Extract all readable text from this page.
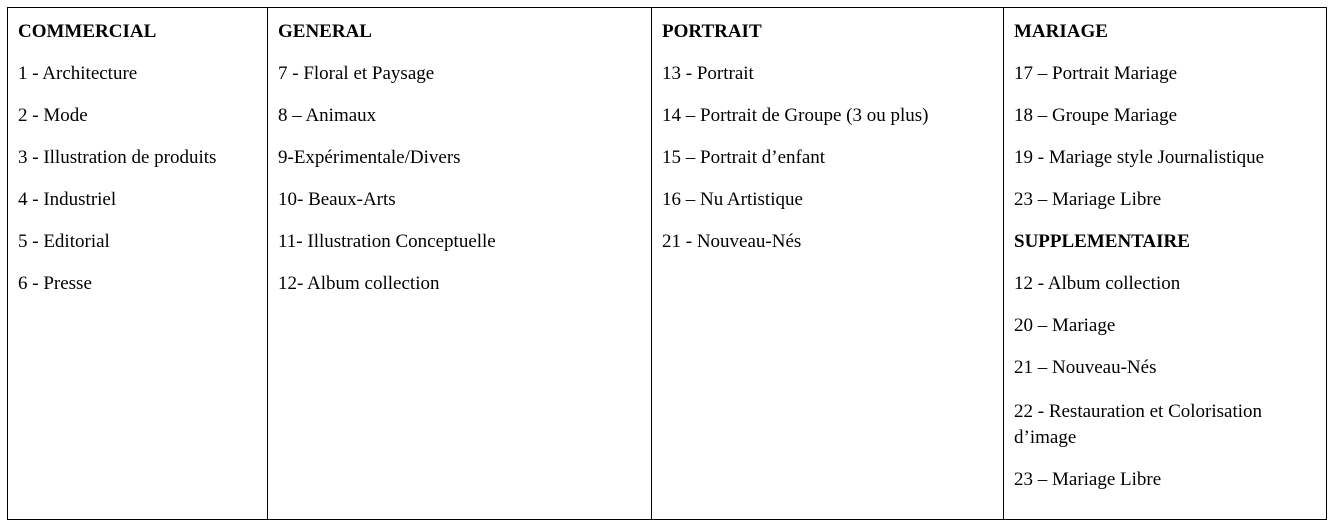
COMMERCIAL
1 - Architecture
2 - Mode
3 - Illustration de produits
4 - Industriel
5 - Editorial
6 - Presse
GENERAL
7 - Floral et Paysage
8 – Animaux
9-Expérimentale/Divers
10- Beaux-Arts
11- Illustration Conceptuelle
12- Album collection
PORTRAIT
13 - Portrait
14 – Portrait de Groupe (3 ou plus)
15 – Portrait d’enfant
16 – Nu Artistique
21 - Nouveau-Nés
MARIAGE
17 – Portrait Mariage
18 – Groupe Mariage
19 - Mariage style Journalistique
23 – Mariage Libre
SUPPLEMENTAIRE
12 - Album collection
20 – Mariage
21 – Nouveau-Nés
22 - Restauration et Colorisation d’image
23 – Mariage Libre
